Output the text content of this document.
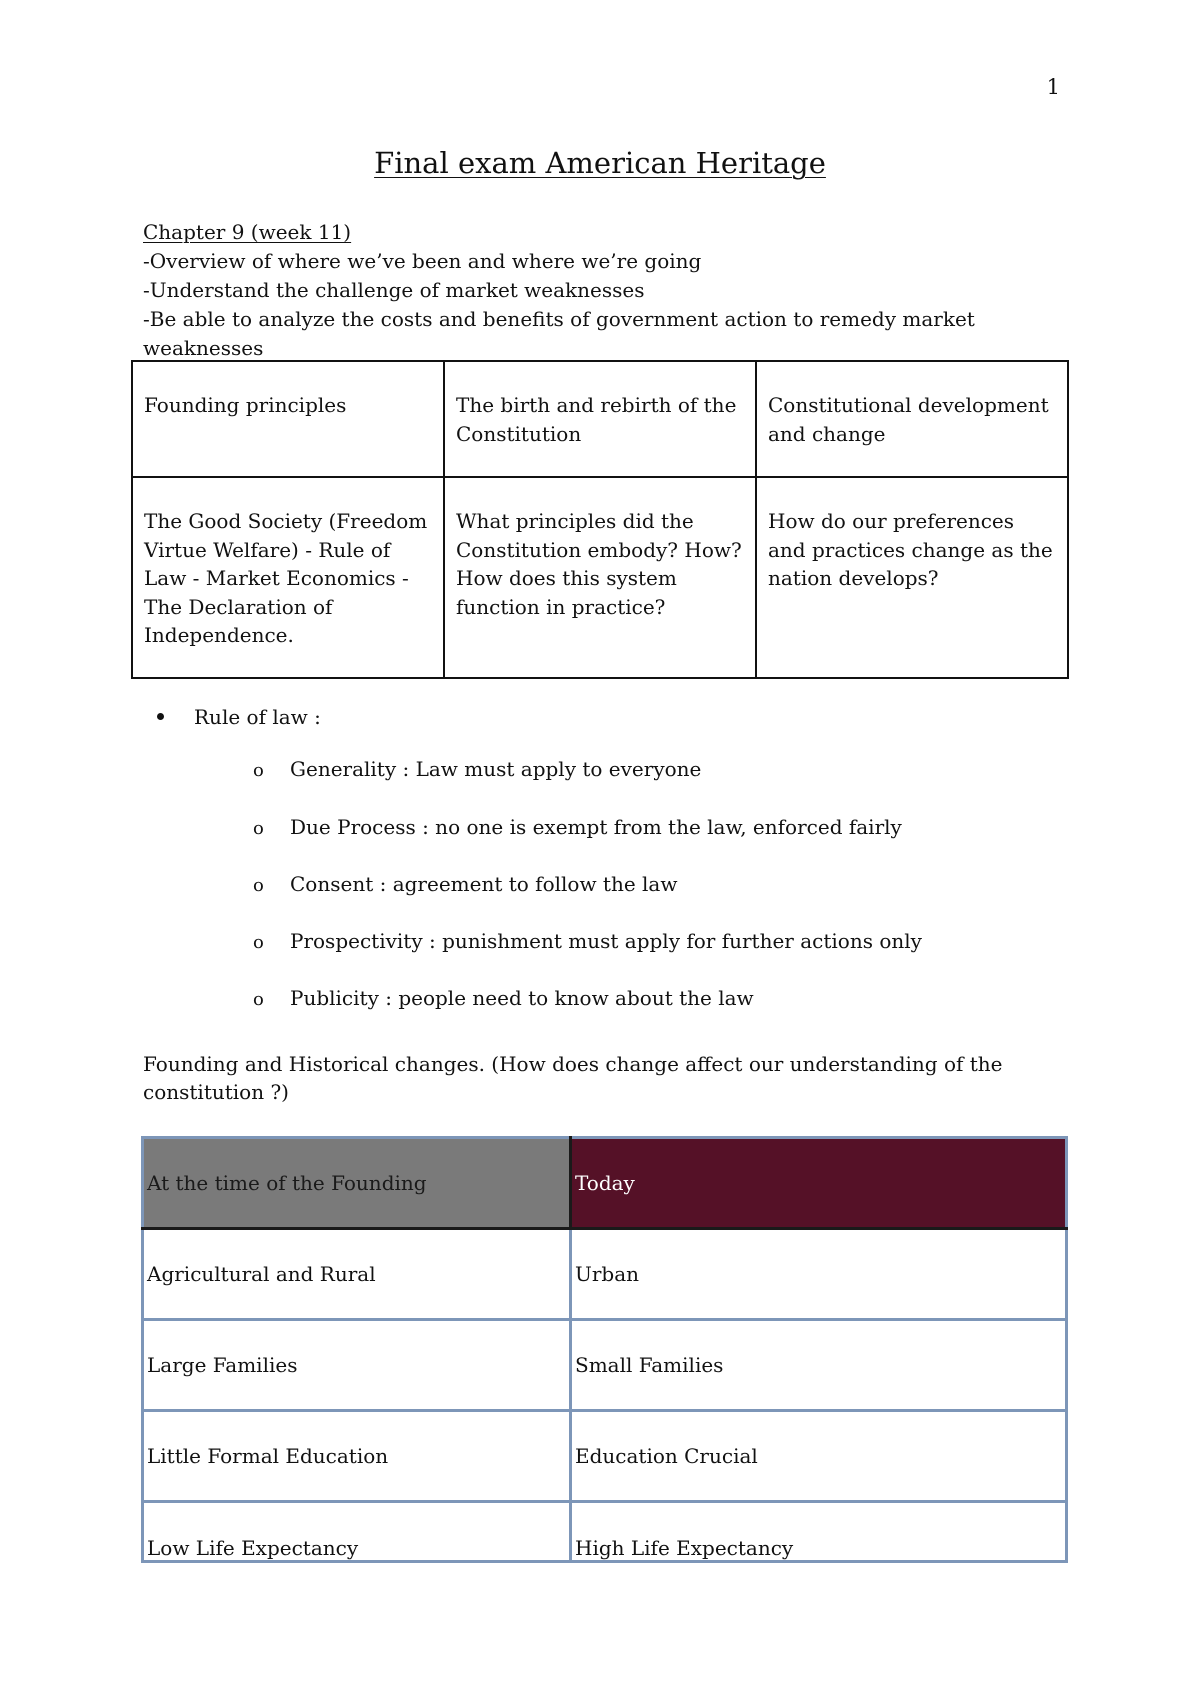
1
Final exam American Heritage
Chapter 9 (week 11)
-Overview of where we’ve been and where we’re going
-Understand the challenge of market weaknesses
-Be able to analyze the costs and benefits of government action to remedy market weaknesses
Founding principles	The birth and rebirth of the Constitution	Constitutional development and change
The Good Society (Freedom Virtue Welfare) - Rule of Law - Market Economics - The Declaration of Independence.	What principles did the Constitution embody? How? How does this system function in practice?	How do our preferences and practices change as the nation develops?
Rule of law :
o Generality : Law must apply to everyone
o Due Process : no one is exempt from the law, enforced fairly
o Consent : agreement to follow the law
o Prospectivity : punishment must apply for further actions only
o Publicity : people need to know about the law
Founding and Historical changes. (How does change affect our understanding of the constitution ?)
At the time of the Founding	Today
Agricultural and Rural	Urban
Large Families	Small Families
Little Formal Education	Education Crucial
Low Life Expectancy	High Life Expectancy
